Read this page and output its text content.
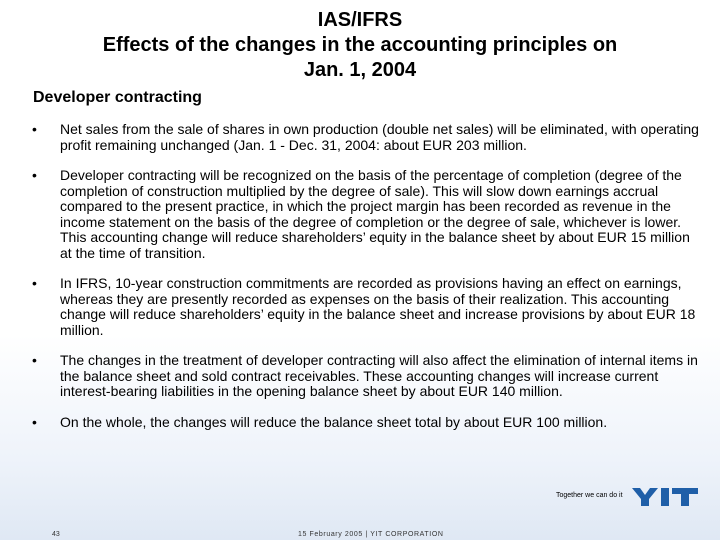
IAS/IFRS
Effects of the changes in the accounting principles on
Jan. 1, 2004
Developer contracting
• Net sales from the sale of shares in own production (double net sales) will be eliminated, with operating profit remaining unchanged (Jan. 1 - Dec. 31, 2004: about EUR 203 million.
• Developer contracting will be recognized on the basis of the percentage of completion (degree of the completion of construction multiplied by the degree of sale). This will slow down earnings accrual compared to the present practice, in which the project margin has been recorded as revenue in the income statement on the basis of the degree of completion or the degree of sale, whichever is lower. This accounting change will reduce shareholders’ equity in the balance sheet by about EUR 15 million at the time of transition.
• In IFRS, 10-year construction commitments are recorded as provisions having an effect on earnings, whereas they are presently recorded as expenses on the basis of their realization. This accounting change will reduce shareholders’ equity in the balance sheet and increase provisions by about EUR 18 million.
• The changes in the treatment of developer contracting will also affect the elimination of internal items in the balance sheet and sold contract receivables. These accounting changes will increase current interest-bearing liabilities in the opening balance sheet by about EUR 140 million.
• On the whole, the changes will reduce the balance sheet total by about EUR 100 million.
Together we can do it
43	15 February 2005 | YIT CORPORATION
